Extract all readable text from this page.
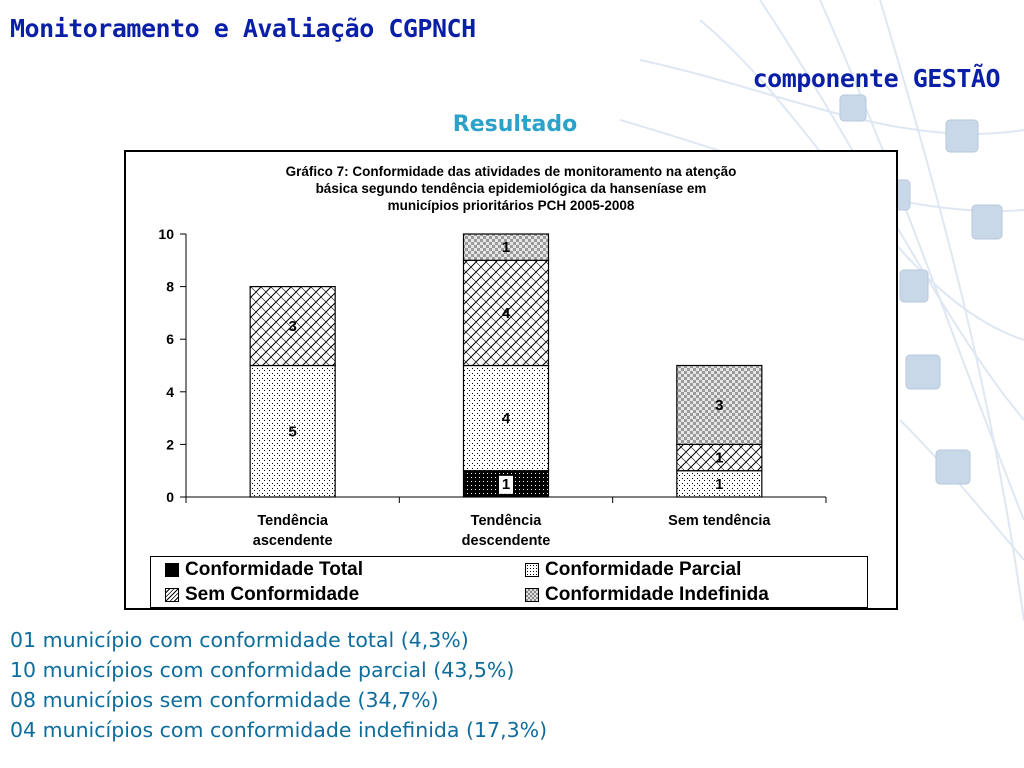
Monitoramento e Avaliação CGPNCH
componente GESTÃO
Resultado
Gráfico 7: Conformidade das atividades de monitoramento na atenção
básica segundo tendência epidemiológica da hanseníase em
municípios prioritários PCH 2005-2008
0
2
4
6
8
10
Tendência
ascendente
Tendência
descendente
Sem tendência
5
3
1
4
4
1
1
1
3
Conformidade Total	Conformidade Parcial
Sem Conformidade	Conformidade Indefinida
01 município com conformidade total (4,3%)
10 municípios com conformidade parcial (43,5%)
08 municípios sem conformidade (34,7%)
04 municípios com conformidade indefinida (17,3%)
